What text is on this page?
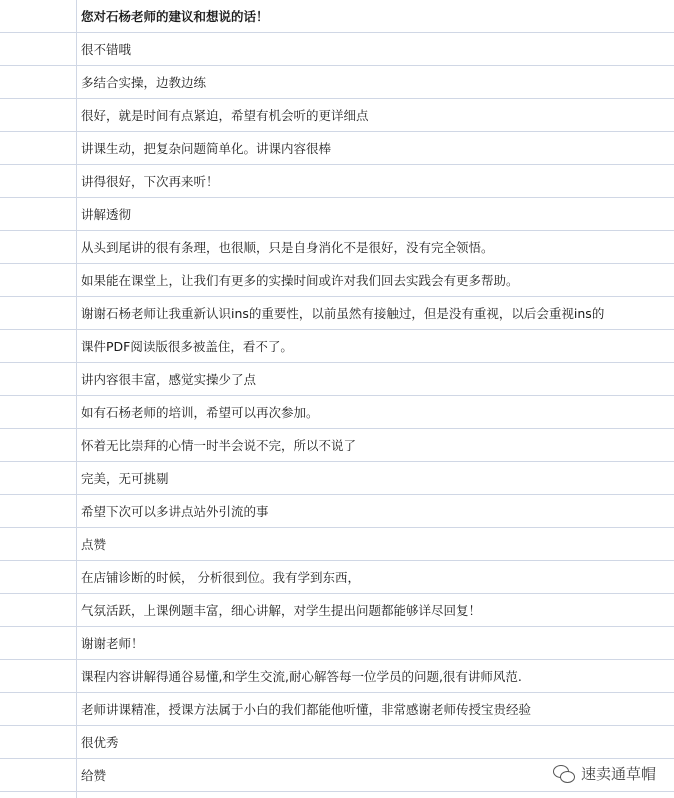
您对石杨老师的建议和想说的话！
很不错哦
多结合实操，边教边练
很好，就是时间有点紧迫，希望有机会听的更详细点
讲课生动，把复杂问题简单化。讲课内容很棒
讲得很好，下次再来听！
讲解透彻
从头到尾讲的很有条理，也很顺，只是自身消化不是很好，没有完全领悟。
如果能在课堂上，让我们有更多的实操时间或许对我们回去实践会有更多帮助。
谢谢石杨老师让我重新认识ins的重要性，以前虽然有接触过，但是没有重视，以后会重视ins的
课件PDF阅读版很多被盖住，看不了。
讲内容很丰富，感觉实操少了点
如有石杨老师的培训，希望可以再次参加。
怀着无比崇拜的心情一时半会说不完，所以不说了
完美，无可挑剔
希望下次可以多讲点站外引流的事
点赞
在店铺诊断的时候， 分析很到位。我有学到东西，
气氛活跃，上课例题丰富，细心讲解，对学生提出问题都能够详尽回复！
谢谢老师！
课程内容讲解得通谷易懂,和学生交流,耐心解答每一位学员的问题,很有讲师风范.
老师讲课精准，授课方法属于小白的我们都能他听懂，非常感谢老师传授宝贵经验
很优秀
给赞	速卖通草帽
